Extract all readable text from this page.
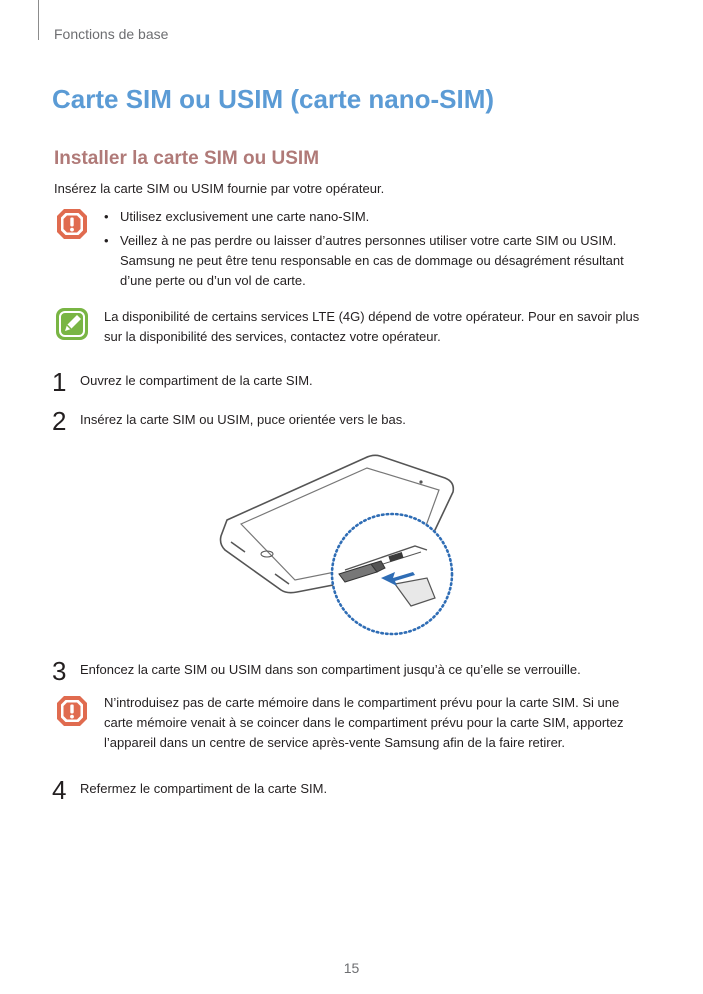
Fonctions de base
Carte SIM ou USIM (carte nano-SIM)
Installer la carte SIM ou USIM
Insérez la carte SIM ou USIM fournie par votre opérateur.
• Utilisez exclusivement une carte nano-SIM.
• Veillez à ne pas perdre ou laisser d’autres personnes utiliser votre carte SIM ou USIM. Samsung ne peut être tenu responsable en cas de dommage ou désagrément résultant d’une perte ou d’un vol de carte.
La disponibilité de certains services LTE (4G) dépend de votre opérateur. Pour en savoir plus sur la disponibilité des services, contactez votre opérateur.
1 Ouvrez le compartiment de la carte SIM.
2 Insérez la carte SIM ou USIM, puce orientée vers le bas.
3 Enfoncez la carte SIM ou USIM dans son compartiment jusqu’à ce qu’elle se verrouille.
N’introduisez pas de carte mémoire dans le compartiment prévu pour la carte SIM. Si une carte mémoire venait à se coincer dans le compartiment prévu pour la carte SIM, apportez l’appareil dans un centre de service après-vente Samsung afin de la faire retirer.
4 Refermez le compartiment de la carte SIM.
15
